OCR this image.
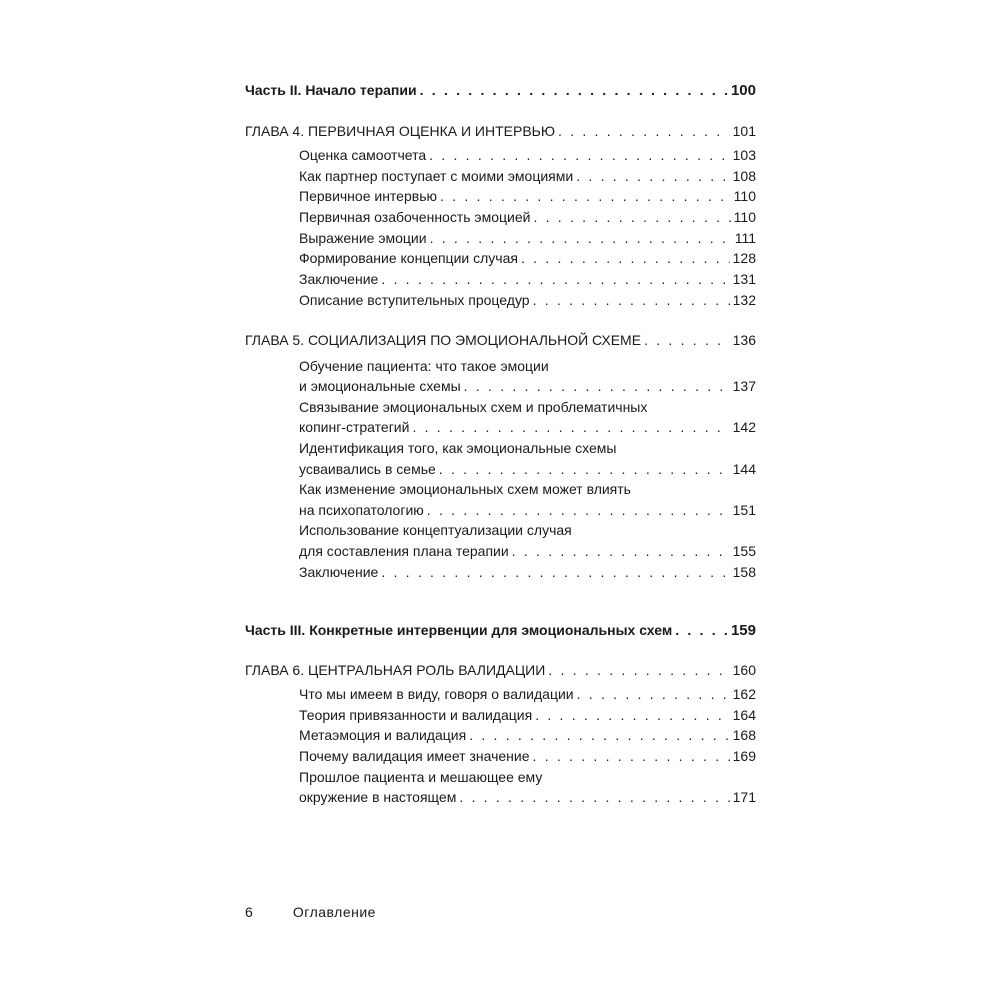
Часть II. Начало терапии . . .	100
ГЛАВА 4. ПЕРВИЧНАЯ ОЦЕНКА И ИНТЕРВЬЮ . . .	101
Оценка самоотчета . . .	103
Как партнер поступает с моими эмоциями . . .	108
Первичное интервью . . .	110
Первичная озабоченность эмоцией . . .	110
Выражение эмоции . . .	111
Формирование концепции случая . . .	128
Заключение . . .	131
Описание вступительных процедур . . .	132
ГЛАВА 5. СОЦИАЛИЗАЦИЯ ПО ЭМОЦИОНАЛЬНОЙ СХЕМЕ . . .	136
Обучение пациента: что такое эмоции
и эмоциональные схемы . . .	137
Связывание эмоциональных схем и проблематичных
копинг-стратегий . . .	142
Идентификация того, как эмоциональные схемы
усваивались в семье . . .	144
Как изменение эмоциональных схем может влиять
на психопатологию . . .	151
Использование концептуализации случая
для составления плана терапии . . .	155
Заключение . . .	158
Часть III. Конкретные интервенции для эмоциональных схем . . .	159
ГЛАВА 6. ЦЕНТРАЛЬНАЯ РОЛЬ ВАЛИДАЦИИ . . .	160
Что мы имеем в виду, говоря о валидации . . .	162
Теория привязанности и валидация . . .	164
Метаэмоция и валидация . . .	168
Почему валидация имеет значение . . .	169
Прошлое пациента и мешающее ему
окружение в настоящем . . .	171
6	Оглавление
